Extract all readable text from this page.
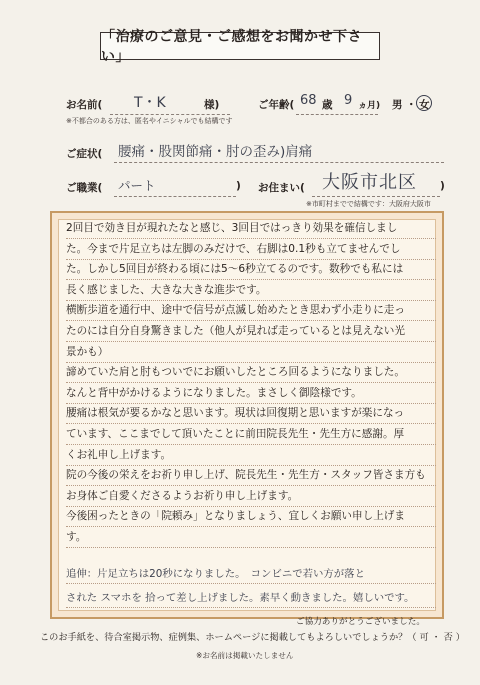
「治療のご意見・ご感想をお聞かせ下さい」
お名前( T・K	様)	ご年齢( 68 歳 9 ヵ月) 男 ・ 女
※不都合のある方は、匿名やイニシャルでも結構です
ご症状( 腰痛・股関節痛・肘の歪み)肩痛
ご職業( パート	) お住まい( 大阪市北区 )
※市町村までで結構です：大阪府大阪市
2回目で効き目が現れたなと感じ、3回目ではっきり効果を確信しまし
た。今まで片足立ちは左脚のみだけで、右脚は0.1秒も立てませんでし
た。しかし5回目が終わる頃には5～6秒立てるのです。数秒でも私には
長く感じました、大きな大きな進歩です。
横断歩道を通行中、途中で信号が点滅し始めたとき思わず小走りに走っ
たのには自分自身驚きました（他人が見れば走っているとは見えない光
景かも）
諦めていた肩と肘もついでにお願いしたところ回るようになりました。
なんと背中がかけるようになりました。まさしく御陰様です。
腰痛は根気が要るかなと思います。現状は回復期と思いますが楽になっ
ています、ここまでして頂いたことに前田院長先生・先生方に感謝。厚
くお礼申し上げます。
院の今後の栄えをお祈り申し上げ、院長先生・先生方・スタッフ皆さま方も
お身体ご自愛くださるようお祈り申し上げます。
今後困ったときの「院頼み」となりましょう、宜しくお願い申し上げま
す。
追伸：片足立ちは20秒になりました。　コンビニで若い方が落と
された スマホを 拾って差し上げました。素早く動きました。嬉しいです。
ご協力ありがとうございました。
このお手紙を、待合室掲示物、症例集、ホームページに掲載してもよろしいでしょうか？（ 可 ・ 否 ）
※お名前は掲載いたしません
